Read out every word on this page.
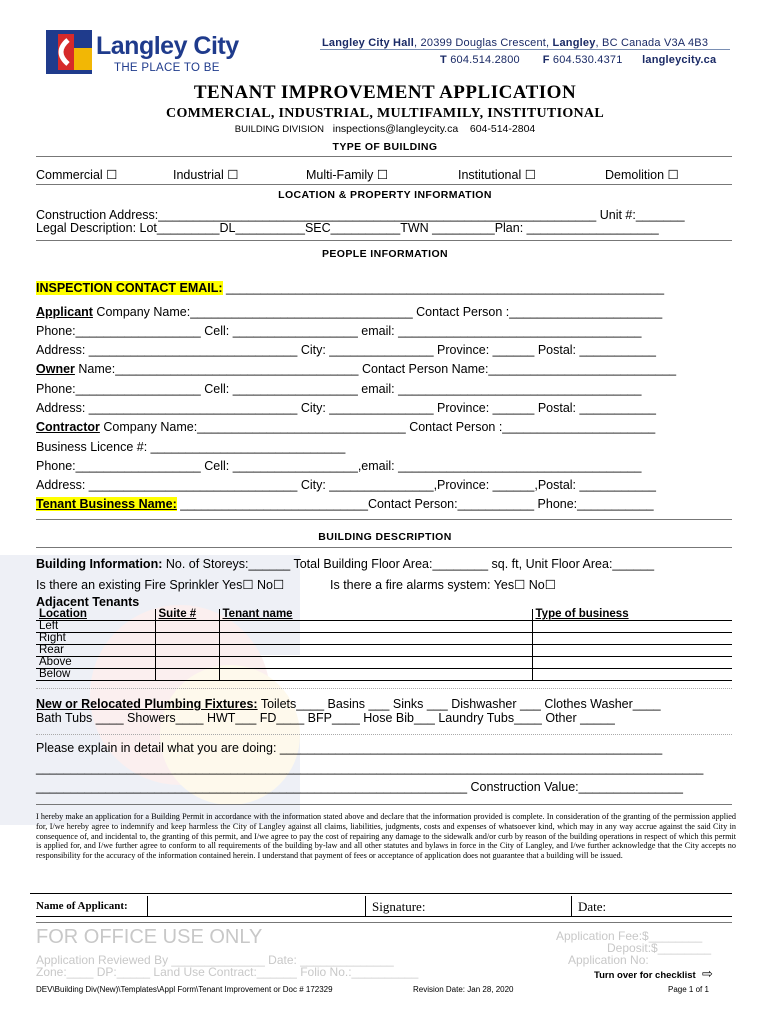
Langley City
THE PLACE TO BE
Langley City Hall, 20399 Douglas Crescent, Langley, BC Canada V3A 4B3
T 604.514.2800 F 604.530.4371 langleycity.ca
TENANT IMPROVEMENT APPLICATION
COMMERCIAL, INDUSTRIAL, MULTIFAMILY, INSTITUTIONAL
BUILDING DIVISION inspections@langleycity.ca 604-514-2804
TYPE OF BUILDING
Commercial ☐	Industrial ☐	Multi-Family ☐	Institutional ☐	Demolition ☐
LOCATION & PROPERTY INFORMATION
Construction Address:_______________________________________________________________ Unit #:_______
Legal Description: Lot_________DL__________SEC__________TWN _________Plan: ___________________
PEOPLE INFORMATION
INSPECTION CONTACT EMAIL: _______________________________________________________________
Applicant Company Name:________________________________ Contact Person :______________________
Phone:__________________ Cell: __________________ email: ___________________________________
Address: ______________________________ City: _______________ Province: ______ Postal: ___________
Owner Name:___________________________________ Contact Person Name:___________________________
Phone:__________________ Cell: __________________ email: ___________________________________
Address: ______________________________ City: _______________ Province: ______ Postal: ___________
Contractor Company Name:______________________________ Contact Person :______________________
Business Licence #: ____________________________
Phone:__________________ Cell: __________________,email: ___________________________________
Address: ______________________________ City: _______________,Province: ______,Postal: ___________
Tenant Business Name: ___________________________Contact Person:___________ Phone:___________
BUILDING DESCRIPTION
Building Information: No. of Storeys:______ Total Building Floor Area:________ sq. ft, Unit Floor Area:______
Is there an existing Fire Sprinkler Yes☐ No☐	Is there a fire alarms system: Yes☐ No☐
Adjacent Tenants
Location	Suite #	Tenant name	Type of business
Left			
Right			
Rear			
Above			
Below			
New or Relocated Plumbing Fixtures: Toilets____ Basins ___ Sinks ___ Dishwasher ___ Clothes Washer____
Bath Tubs ____ Showers____ HWT___ FD____ BFP____ Hose Bib___ Laundry Tubs____ Other _____
Please explain in detail what you are doing: _______________________________________________________
________________________________________________________________________________________________
______________________________________________________________ Construction Value:_______________
I hereby make an application for a Building Permit in accordance with the information stated above and declare that the information provided is complete. In consideration of the granting of the permission applied for, I/we hereby agree to indemnify and keep harmless the City of Langley against all claims, liabilities, judgments, costs and expenses of whatsoever kind, which may in any way accrue against the said City in consequence of, and incidental to, the granting of this permit, and I/we agree to pay the cost of repairing any damage to the sidewalk and/or curb by reason of the building operations in respect of which this permit is applied for, and I/we further agree to conform to all requirements of the building by-law and all other statutes and bylaws in force in the City of Langley, and I/we further acknowledge that the City accepts no responsibility for the accuracy of the information contained herein. I understand that payment of fees or acceptance of application does not guarantee that a building will be issued.
Name of Applicant:	Signature:	Date:
FOR OFFICE USE ONLY	Application Fee:$________
Deposit:$________
Application No:
Application Reviewed By ______________ Date: ______________
Zone:____ DP:_____ Land Use Contract:______ Folio No.:__________	Turn over for checklist  ⇨
DEV\Building Div(New)\Templates\Appl Form\Tenant Improvement or Doc # 172329	Revision Date: Jan 28, 2020	Page 1 of 1
